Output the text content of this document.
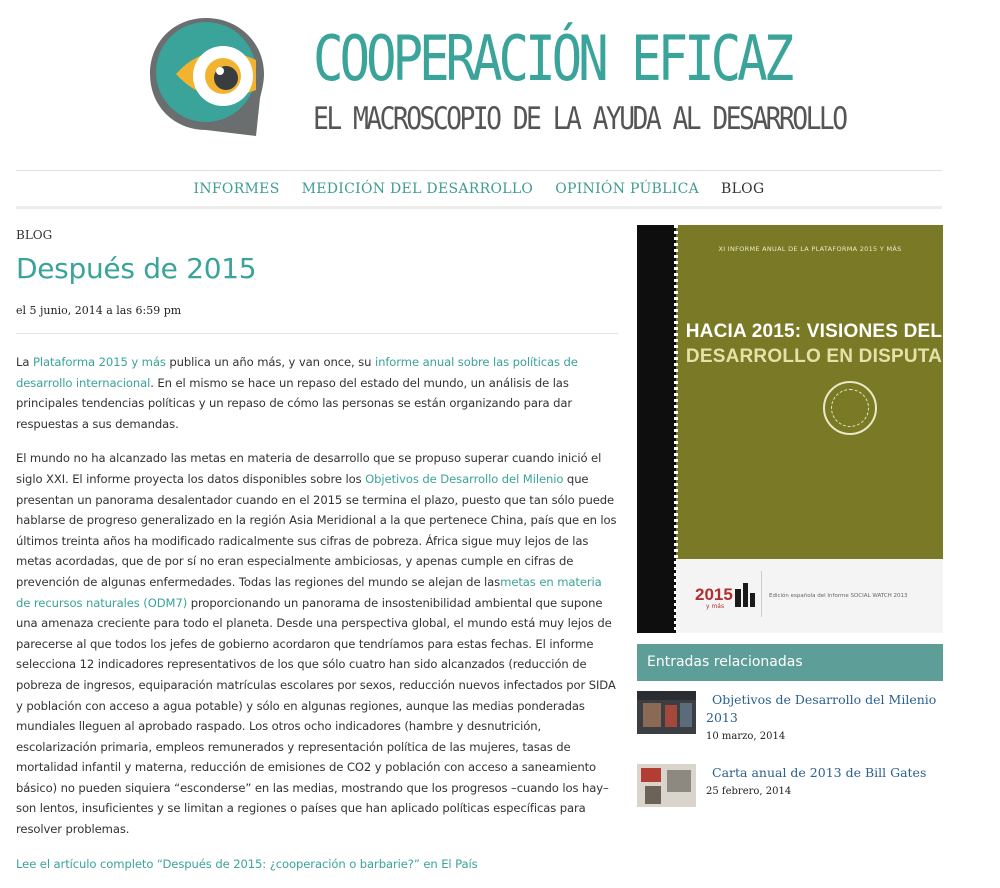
COOPERACIÓN EFICAZ
EL MACROSCOPIO DE LA AYUDA AL DESARROLLO
INFORMES MEDICIÓN DEL DESARROLLO OPINIÓN PÚBLICA BLOG
BLOG
Después de 2015
el 5 junio, 2014 a las 6:59 pm

La Plataforma 2015 y más publica un año más, y van once, su informe anual sobre las políticas de desarrollo internacional. En el mismo se hace un repaso del estado del mundo, un análisis de las principales tendencias políticas y un repaso de cómo las personas se están organizando para dar respuestas a sus demandas.

El mundo no ha alcanzado las metas en materia de desarrollo que se propuso superar cuando inició el siglo XXI. El informe proyecta los datos disponibles sobre los Objetivos de Desarrollo del Milenio que presentan un panorama desalentador cuando en el 2015 se termina el plazo, puesto que tan sólo puede hablarse de progreso generalizado en la región Asia Meridional a la que pertenece China, país que en los últimos treinta años ha modificado radicalmente sus cifras de pobreza. África sigue muy lejos de las metas acordadas, que de por sí no eran especialmente ambiciosas, y apenas cumple en cifras de prevención de algunas enfermedades. Todas las regiones del mundo se alejan de lasmetas en materia de recursos naturales (ODM7) proporcionando un panorama de insostenibilidad ambiental que supone una amenaza creciente para todo el planeta. Desde una perspectiva global, el mundo está muy lejos de parecerse al que todos los jefes de gobierno acordaron que tendríamos para estas fechas. El informe selecciona 12 indicadores representativos de los que sólo cuatro han sido alcanzados (reducción de pobreza de ingresos, equiparación matrículas escolares por sexos, reducción nuevos infectados por SIDA y población con acceso a agua potable) y sólo en algunas regiones, aunque las medias ponderadas mundiales lleguen al aprobado raspado. Los otros ocho indicadores (hambre y desnutrición, escolarización primaria, empleos remunerados y representación política de las mujeres, tasas de mortalidad infantil y materna, reducción de emisiones de CO2 y población con acceso a saneamiento básico) no pueden siquiera “esconderse” en las medias, mostrando que los progresos –cuando los hay– son lentos, insuficientes y se limitan a regiones o países que han aplicado políticas específicas para resolver problemas.

Lee el artículo completo “Después de 2015: ¿cooperación o barbarie?” en El País

XI INFORME ANUAL DE LA PLATAFORMA 2015 Y MÁS
HACIA 2015: VISIONES DEL
DESARROLLO EN DISPUTA
2015
y más
Edición española del Informe SOCIAL WATCH 2013
Entradas relacionadas
Objetivos de Desarrollo del Milenio 2013
10 marzo, 2014
Carta anual de 2013 de Bill Gates
25 febrero, 2014
